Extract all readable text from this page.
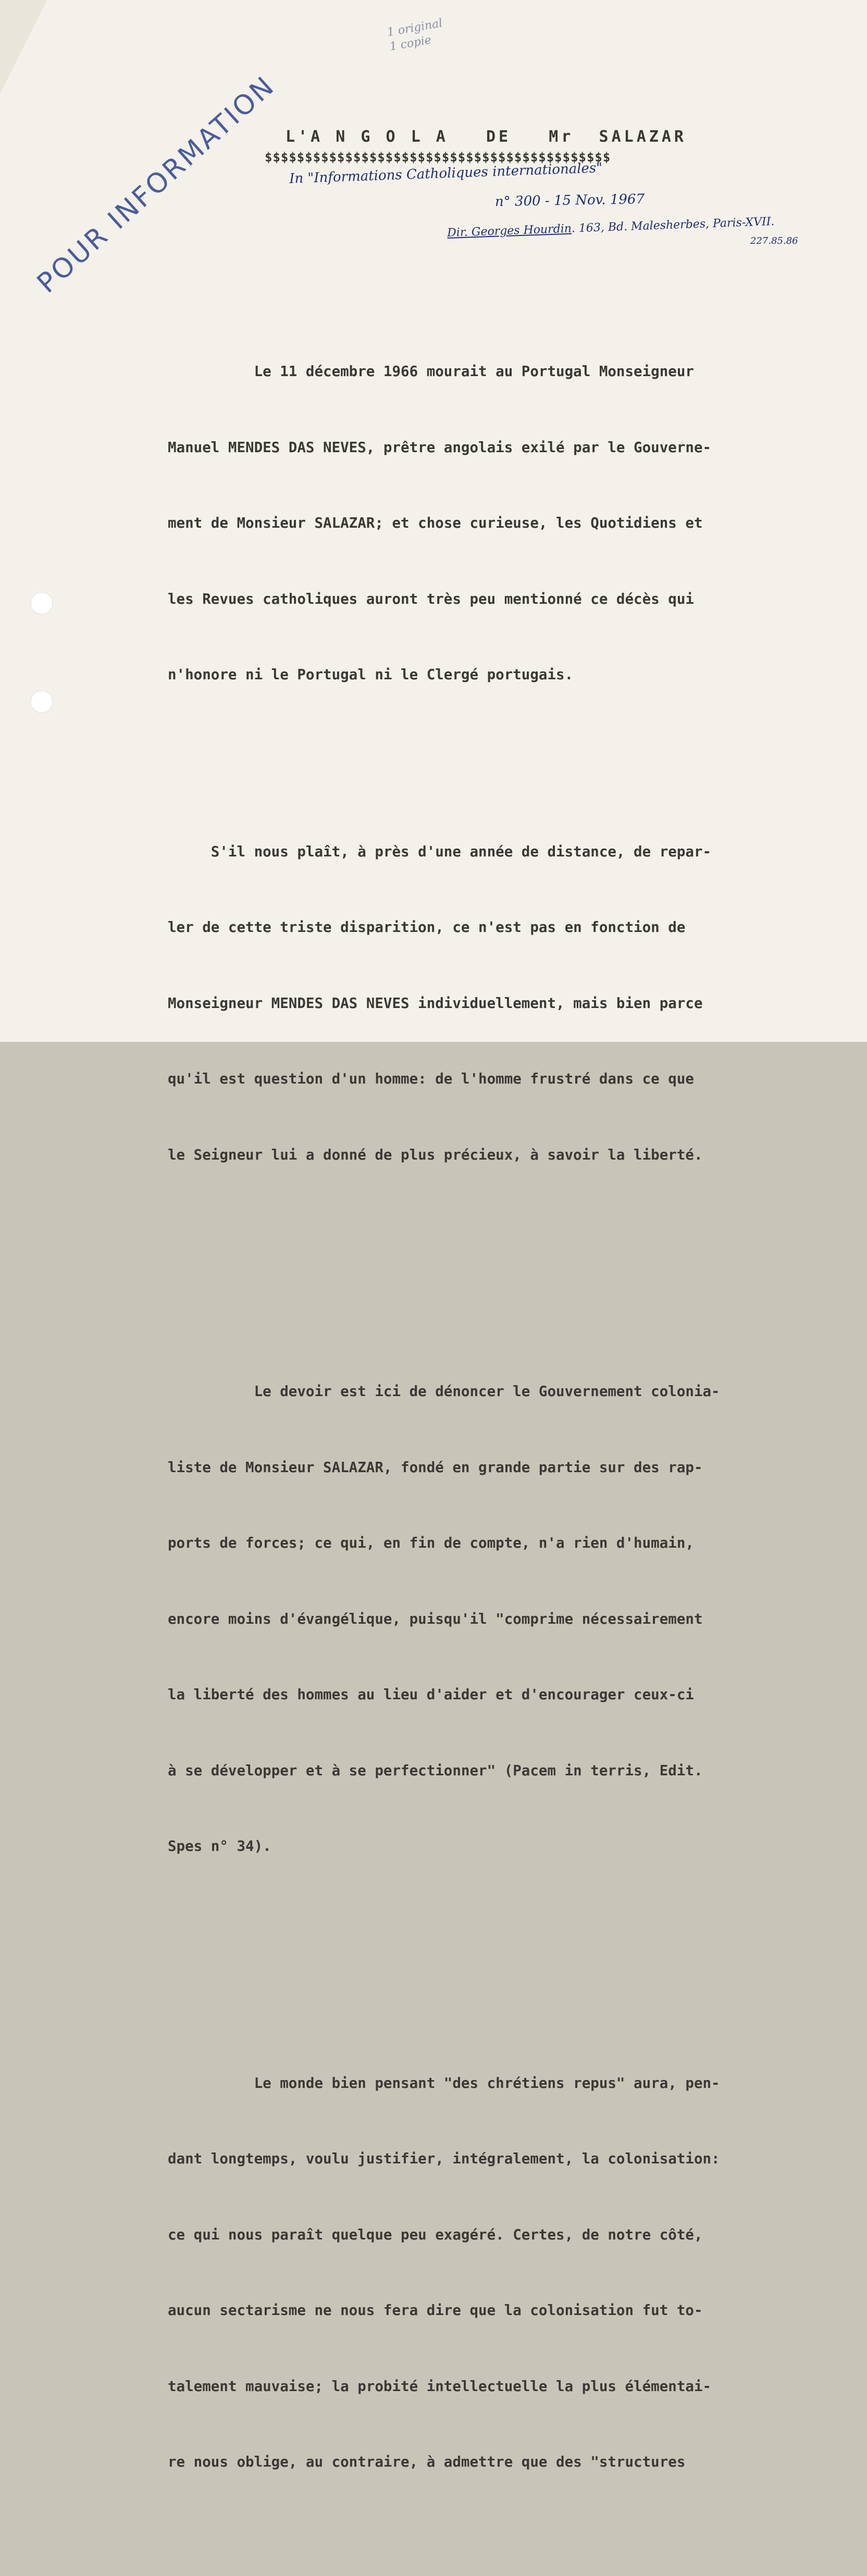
POUR INFORMATION
1 original
1 copie
L'A N G O L A   DE   Mr  SALAZAR
$$$$$$$$$$$$$$$$$$$$$$$$$$$$$$$$$$$$$$$$$$$
In "Informations Catholiques internationales"
n° 300 - 15 Nov. 1967
Dir. Georges Hourdin. 163, Bd. Malesherbes, Paris-XVII.
227.85.86

Le 11 décembre 1966 mourait au Portugal Monseigneur

Manuel MENDES DAS NEVES, prêtre angolais exilé par le Gouverne-

ment de Monsieur SALAZAR; et chose curieuse, les Quotidiens et

les Revues catholiques auront très peu mentionné ce décès qui

n'honore ni le Portugal ni le Clergé portugais.

S'il nous plaît, à près d'une année de distance, de repar-

ler de cette triste disparition, ce n'est pas en fonction de

Monseigneur MENDES DAS NEVES individuellement, mais bien parce

qu'il est question d'un homme: de l'homme frustré dans ce que

le Seigneur lui a donné de plus précieux, à savoir la liberté.

Le devoir est ici de dénoncer le Gouvernement colonia-

liste de Monsieur SALAZAR, fondé en grande partie sur des rap-

ports de forces; ce qui, en fin de compte, n'a rien d'humain,

encore moins d'évangélique, puisqu'il "comprime nécessairement

la liberté des hommes au lieu d'aider et d'encourager ceux-ci

à se développer et à se perfectionner" (Pacem in terris, Edit.

Spes n° 34).

Le monde bien pensant "des chrétiens repus" aura, pen-

dant longtemps, voulu justifier, intégralement, la colonisation:

ce qui nous paraît quelque peu exagéré. Certes, de notre côté,

aucun sectarisme ne nous fera dire que la colonisation fut to-

talement mauvaise; la probité intellectuelle la plus élémentai-

re nous oblige, au contraire, à admettre que des "structures
